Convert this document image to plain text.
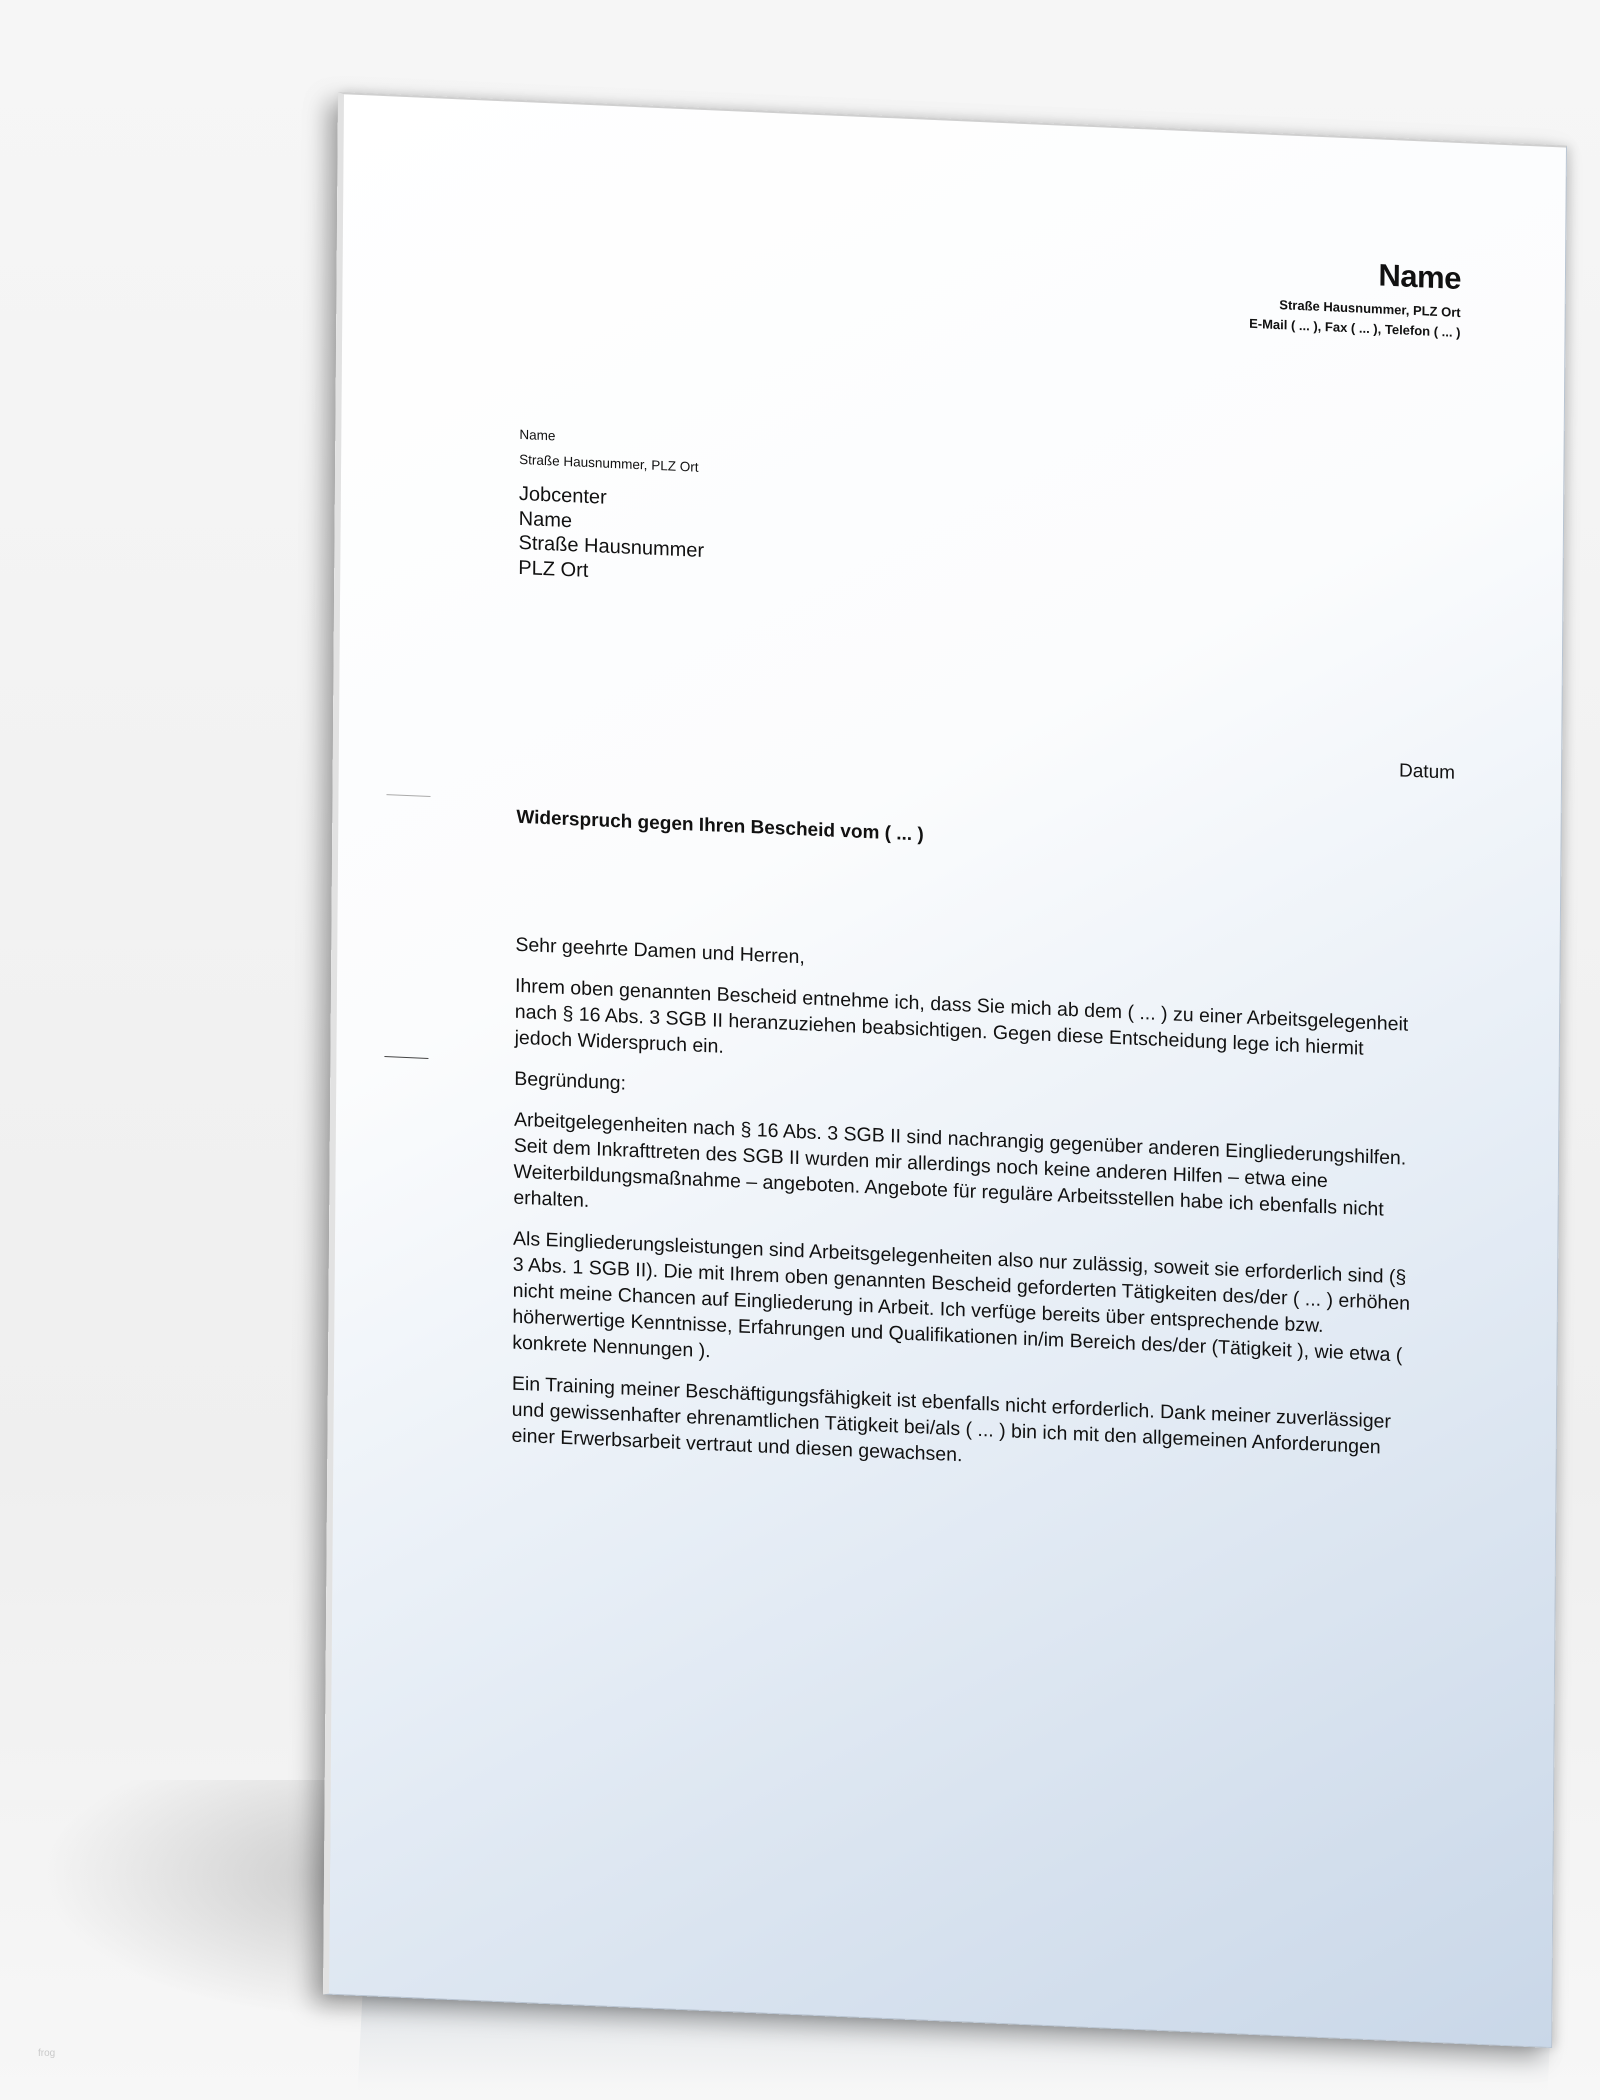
Name
Straße Hausnummer, PLZ Ort
E-Mail ( ... ), Fax ( ... ), Telefon ( ... )
Name
Straße Hausnummer, PLZ Ort
Jobcenter
Name
Straße Hausnummer
PLZ Ort
Datum
Widerspruch gegen Ihren Bescheid vom ( ... )

Sehr geehrte Damen und Herren,

Ihrem oben genannten Bescheid entnehme ich, dass Sie mich ab dem ( ... ) zu einer Arbeitsgelegenheit nach § 16 Abs. 3 SGB II heranzuziehen beabsichtigen. Gegen diese Entscheidung lege ich hiermit jedoch Widerspruch ein.

Begründung:

Arbeitgelegenheiten nach § 16 Abs. 3 SGB II sind nachrangig gegenüber anderen Eingliederungshilfen. Seit dem Inkrafttreten des SGB II wurden mir allerdings noch keine anderen Hilfen – etwa eine Weiterbildungsmaßnahme – angeboten. Angebote für reguläre Arbeitsstellen habe ich ebenfalls nicht erhalten.

Als Eingliederungsleistungen sind Arbeitsgelegenheiten also nur zulässig, soweit sie erforderlich sind (§ 3 Abs. 1 SGB II). Die mit Ihrem oben genannten Bescheid geforderten Tätigkeiten des/der ( ... ) erhöhen nicht meine Chancen auf Eingliederung in Arbeit. Ich verfüge bereits über entsprechende bzw. höherwertige Kenntnisse, Erfahrungen und Qualifikationen in/im Bereich des/der (Tätigkeit ), wie etwa ( konkrete Nennungen ).

Ein Training meiner Beschäftigungsfähigkeit ist ebenfalls nicht erforderlich. Dank meiner zuverlässiger und gewissenhafter ehrenamtlichen Tätigkeit bei/als ( ... ) bin ich mit den allgemeinen Anforderungen einer Erwerbsarbeit vertraut und diesen gewachsen.

frog
